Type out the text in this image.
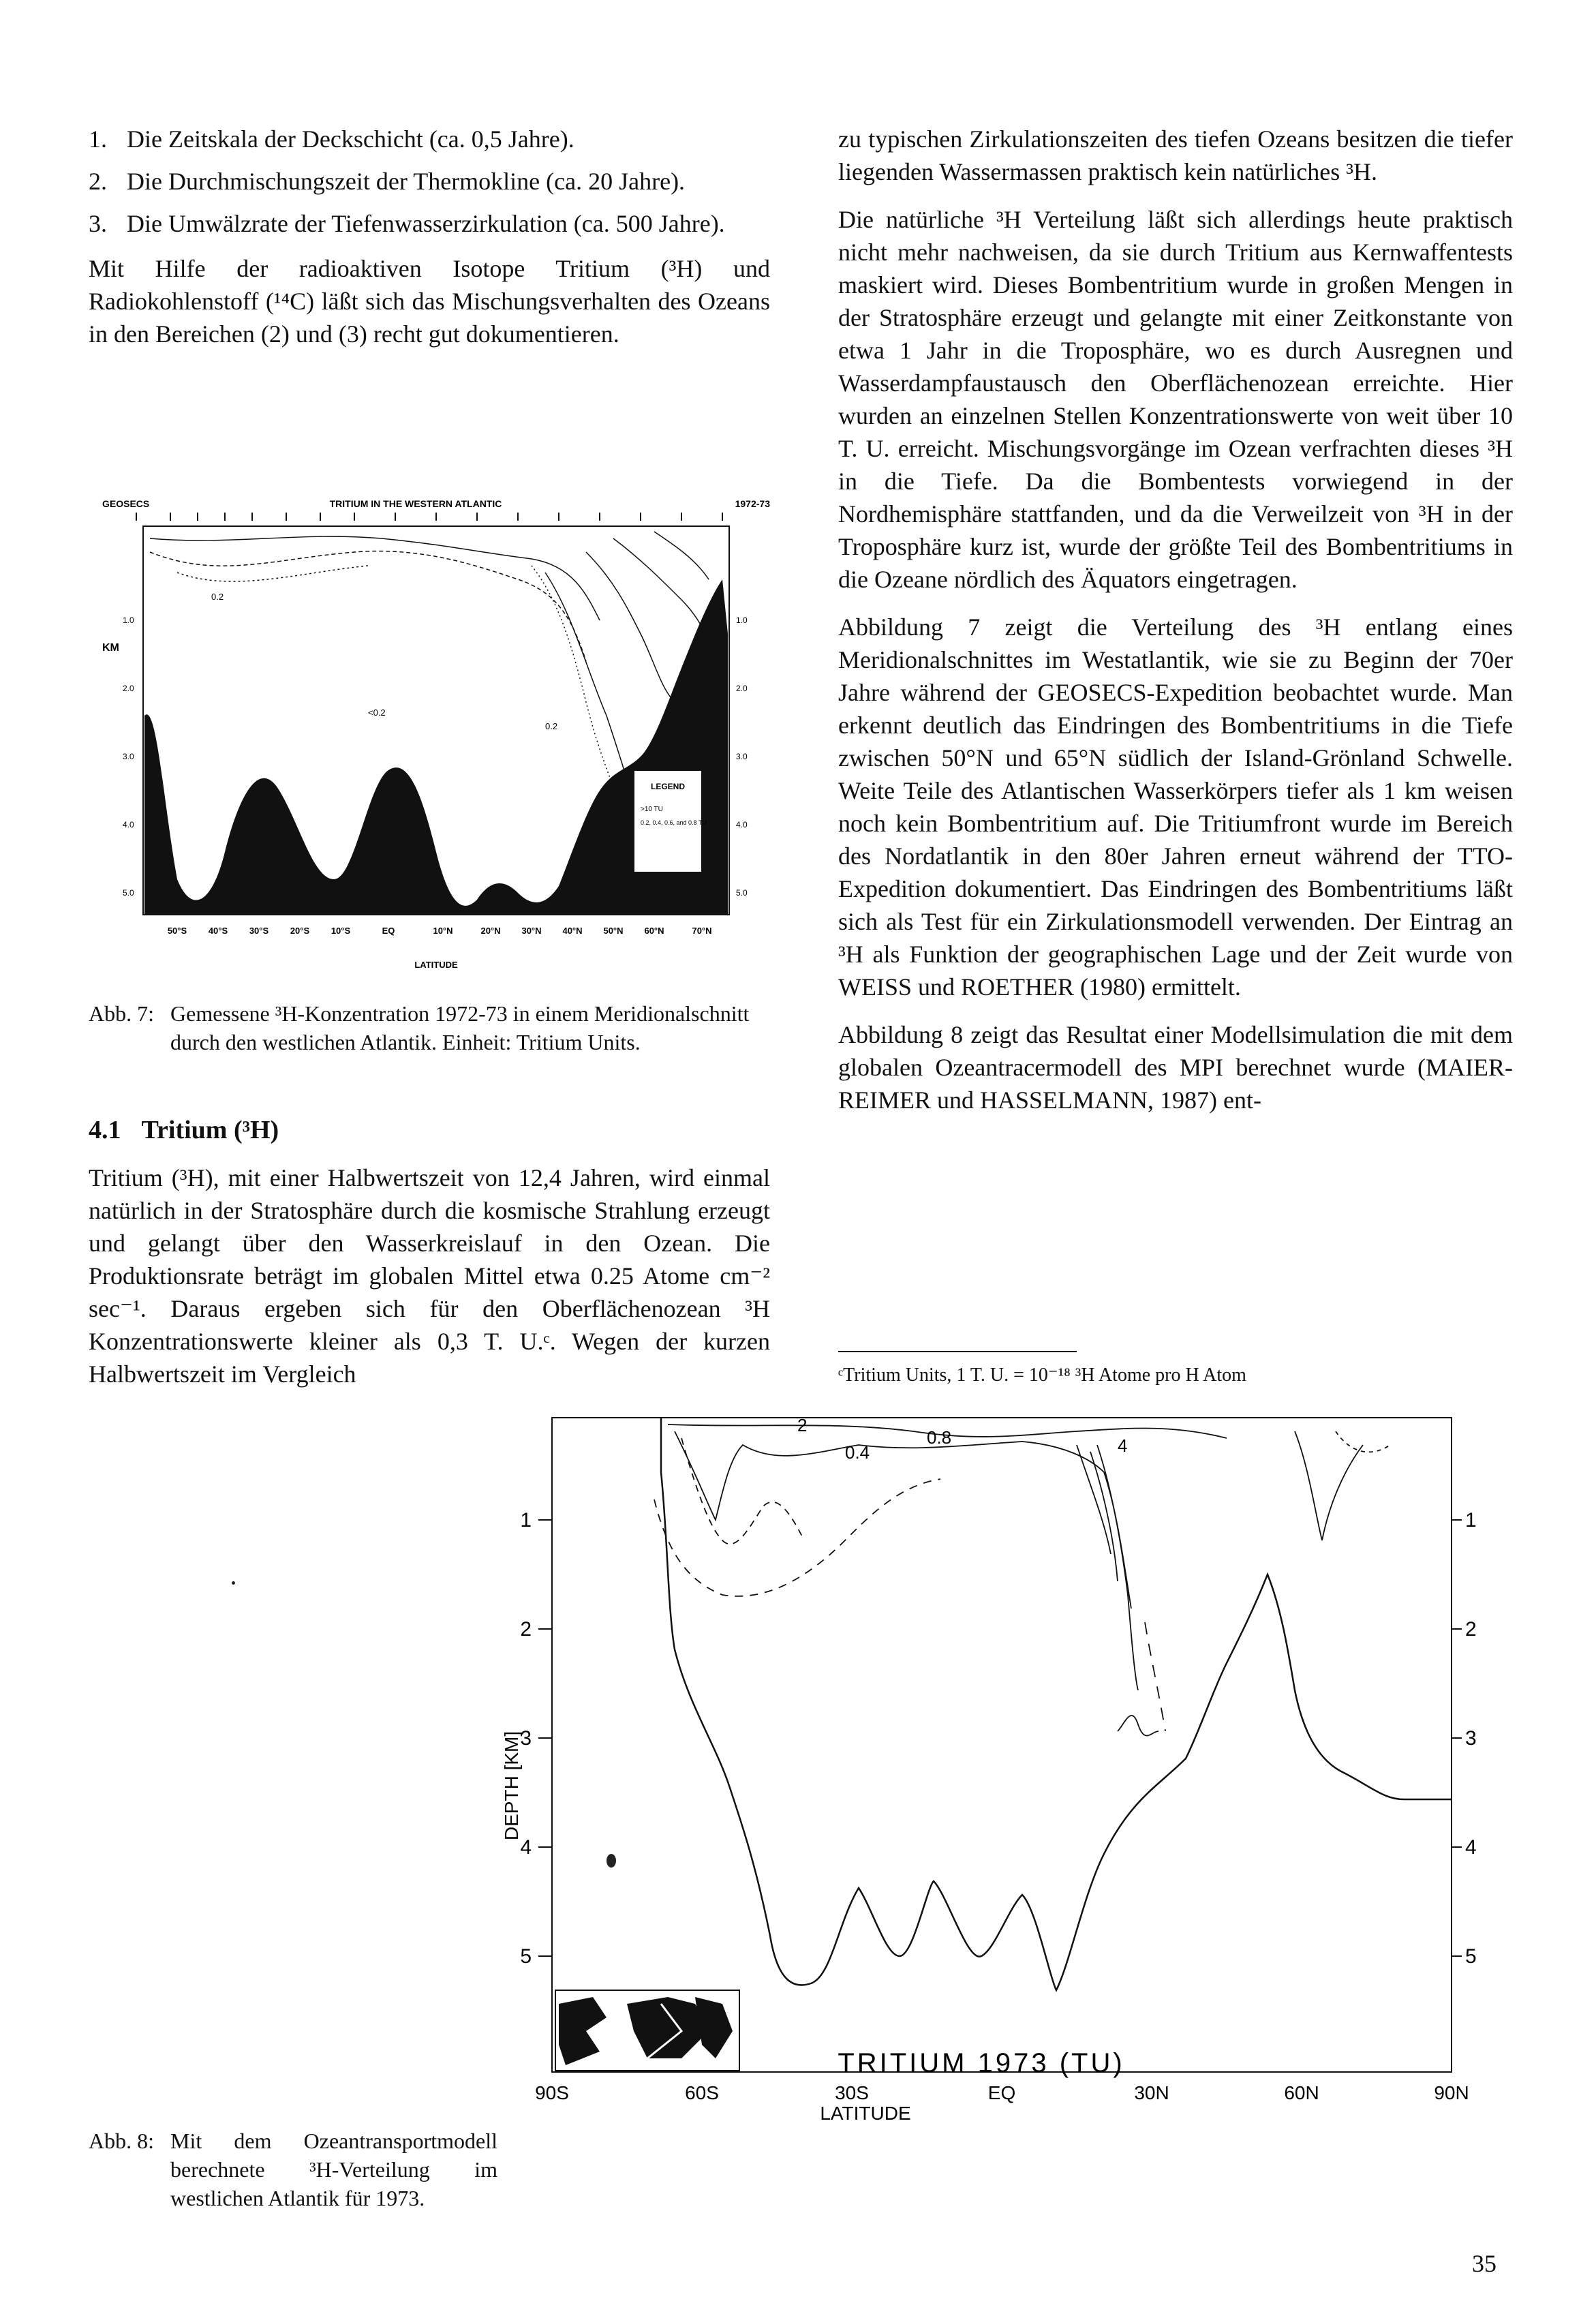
1. Die Zeitskala der Deckschicht (ca. 0,5 Jahre).
2. Die Durchmischungszeit der Thermokline (ca. 20 Jahre).
3. Die Umwälzrate der Tiefenwasserzirkulation (ca. 500 Jahre).

Mit Hilfe der radioaktiven Isotope Tritium (³H) und Radiokohlenstoff (¹⁴C) läßt sich das Mischungsverhalten des Ozeans in den Bereichen (2) und (3) recht gut dokumentieren.

GEOSECS	TRITIUM IN THE WESTERN ATLANTIC	1972-73
LEGEND
>10 TU
0.2, 0.4, 0.6, and 0.8 TU
0.2
<0.2
0.2
KM
1.0
2.0
3.0
4.0
5.0
1.0
2.0
3.0
4.0
5.0
50°S 40°S 30°S 20°S 10°S	EQ	10°N	20°N 30°N 40°N 50°N 60°N	70°N
LATITUDE
Abb. 7: Gemessene ³H-Konzentration 1972-73 in einem Meridionalschnitt durch den westlichen Atlantik. Einheit: Tritium Units.
4.1 Tritium (³H)

Tritium (³H), mit einer Halbwertszeit von 12,4 Jahren, wird einmal natürlich in der Stratosphäre durch die kosmische Strahlung erzeugt und gelangt über den Wasserkreislauf in den Ozean. Die Produktionsrate beträgt im globalen Mittel etwa 0.25 Atome cm⁻² sec⁻¹. Daraus ergeben sich für den Oberflächenozean ³H Konzentrationswerte kleiner als 0,3 T. U.ᶜ. Wegen der kurzen Halbwertszeit im Vergleich

zu typischen Zirkulationszeiten des tiefen Ozeans besitzen die tiefer liegenden Wassermassen praktisch kein natürliches ³H.

Die natürliche ³H Verteilung läßt sich allerdings heute praktisch nicht mehr nachweisen, da sie durch Tritium aus Kernwaffentests maskiert wird. Dieses Bombentritium wurde in großen Mengen in der Stratosphäre erzeugt und gelangte mit einer Zeitkonstante von etwa 1 Jahr in die Troposphäre, wo es durch Ausregnen und Wasserdampfaustausch den Oberflächenozean erreichte. Hier wurden an einzelnen Stellen Konzentrationswerte von weit über 10 T. U. erreicht. Mischungsvorgänge im Ozean verfrachten dieses ³H in die Tiefe. Da die Bombentests vorwiegend in der Nordhemisphäre stattfanden, und da die Verweilzeit von ³H in der Troposphäre kurz ist, wurde der größte Teil des Bombentritiums in die Ozeane nördlich des Äquators eingetragen.

Abbildung 7 zeigt die Verteilung des ³H entlang eines Meridionalschnittes im Westatlantik, wie sie zu Beginn der 70er Jahre während der GEOSECS-Expedition beobachtet wurde. Man erkennt deutlich das Eindringen des Bombentritiums in die Tiefe zwischen 50°N und 65°N südlich der Island-Grönland Schwelle. Weite Teile des Atlantischen Wasserkörpers tiefer als 1 km weisen noch kein Bombentritium auf. Die Tritiumfront wurde im Bereich des Nordatlantik in den 80er Jahren erneut während der TTO-Expedition dokumentiert. Das Eindringen des Bombentritiums läßt sich als Test für ein Zirkulationsmodell verwenden. Der Eintrag an ³H als Funktion der geographischen Lage und der Zeit wurde von WEISS und ROETHER (1980) ermittelt.

Abbildung 8 zeigt das Resultat einer Modellsimulation die mit dem globalen Ozeantracermodell des MPI berechnet wurde (MAIER-REIMER und HASSELMANN, 1987) ent-

ᶜTritium Units, 1 T. U. = 10⁻¹⁸ ³H Atome pro H Atom
1
2
3
4
5
1
2
3
4
5
DEPTH [KM]
2
0.8
0.4	4
90S	60S	30S	EQ	30N	60N	90N
LATITUDE
TRITIUM 1973 (TU)
Abb. 8: Mit dem Ozeantransportmodell berechnete ³H-Verteilung im westlichen Atlantik für 1973.
35
